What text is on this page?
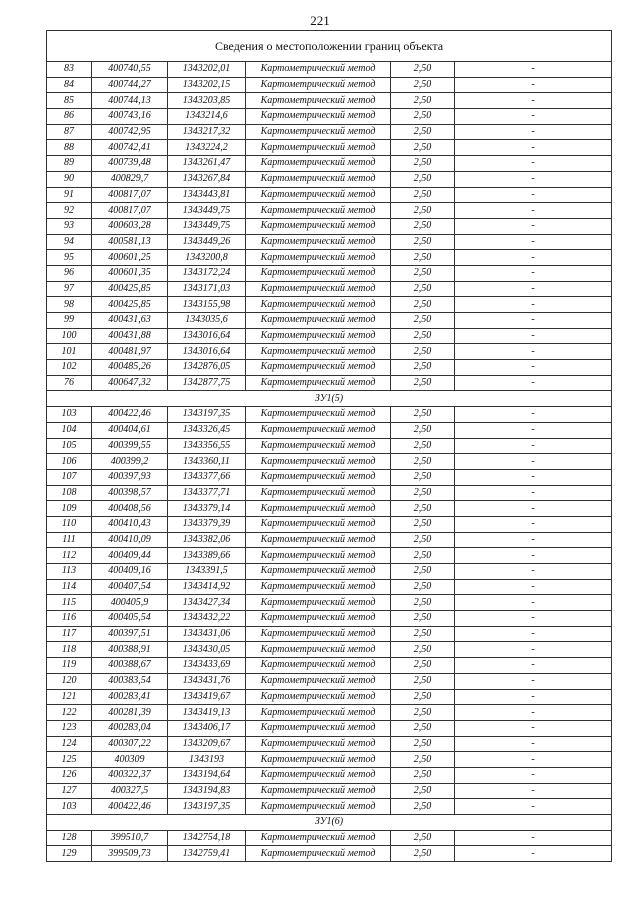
221
Сведения о местоположении границ объекта					
83	400740,55	1343202,01	Картометрический метод	2,50	-
84	400744,27	1343202,15	Картометрический метод	2,50	-
85	400744,13	1343203,85	Картометрический метод	2,50	-
86	400743,16	1343214,6	Картометрический метод	2,50	-
87	400742,95	1343217,32	Картометрический метод	2,50	-
88	400742,41	1343224,2	Картометрический метод	2,50	-
89	400739,48	1343261,47	Картометрический метод	2,50	-
90	400829,7	1343267,84	Картометрический метод	2,50	-
91	400817,07	1343443,81	Картометрический метод	2,50	-
92	400817,07	1343449,75	Картометрический метод	2,50	-
93	400603,28	1343449,75	Картометрический метод	2,50	-
94	400581,13	1343449,26	Картометрический метод	2,50	-
95	400601,25	1343200,8	Картометрический метод	2,50	-
96	400601,35	1343172,24	Картометрический метод	2,50	-
97	400425,85	1343171,03	Картометрический метод	2,50	-
98	400425,85	1343155,98	Картометрический метод	2,50	-
99	400431,63	1343035,6	Картометрический метод	2,50	-
100	400431,88	1343016,64	Картометрический метод	2,50	-
101	400481,97	1343016,64	Картометрический метод	2,50	-
102	400485,26	1342876,05	Картометрический метод	2,50	-
76	400647,32	1342877,75	Картометрический метод	2,50	-
ЗУ1(5)					
103	400422,46	1343197,35	Картометрический метод	2,50	-
104	400404,61	1343326,45	Картометрический метод	2,50	-
105	400399,55	1343356,55	Картометрический метод	2,50	-
106	400399,2	1343360,11	Картометрический метод	2,50	-
107	400397,93	1343377,66	Картометрический метод	2,50	-
108	400398,57	1343377,71	Картометрический метод	2,50	-
109	400408,56	1343379,14	Картометрический метод	2,50	-
110	400410,43	1343379,39	Картометрический метод	2,50	-
111	400410,09	1343382,06	Картометрический метод	2,50	-
112	400409,44	1343389,66	Картометрический метод	2,50	-
113	400409,16	1343391,5	Картометрический метод	2,50	-
114	400407,54	1343414,92	Картометрический метод	2,50	-
115	400405,9	1343427,34	Картометрический метод	2,50	-
116	400405,54	1343432,22	Картометрический метод	2,50	-
117	400397,51	1343431,06	Картометрический метод	2,50	-
118	400388,91	1343430,05	Картометрический метод	2,50	-
119	400388,67	1343433,69	Картометрический метод	2,50	-
120	400383,54	1343431,76	Картометрический метод	2,50	-
121	400283,41	1343419,67	Картометрический метод	2,50	-
122	400281,39	1343419,13	Картометрический метод	2,50	-
123	400283,04	1343406,17	Картометрический метод	2,50	-
124	400307,22	1343209,67	Картометрический метод	2,50	-
125	400309	1343193	Картометрический метод	2,50	-
126	400322,37	1343194,64	Картометрический метод	2,50	-
127	400327,5	1343194,83	Картометрический метод	2,50	-
103	400422,46	1343197,35	Картометрический метод	2,50	-
ЗУ1(6)					
128	399510,7	1342754,18	Картометрический метод	2,50	-
129	399509,73	1342759,41	Картометрический метод	2,50	-
